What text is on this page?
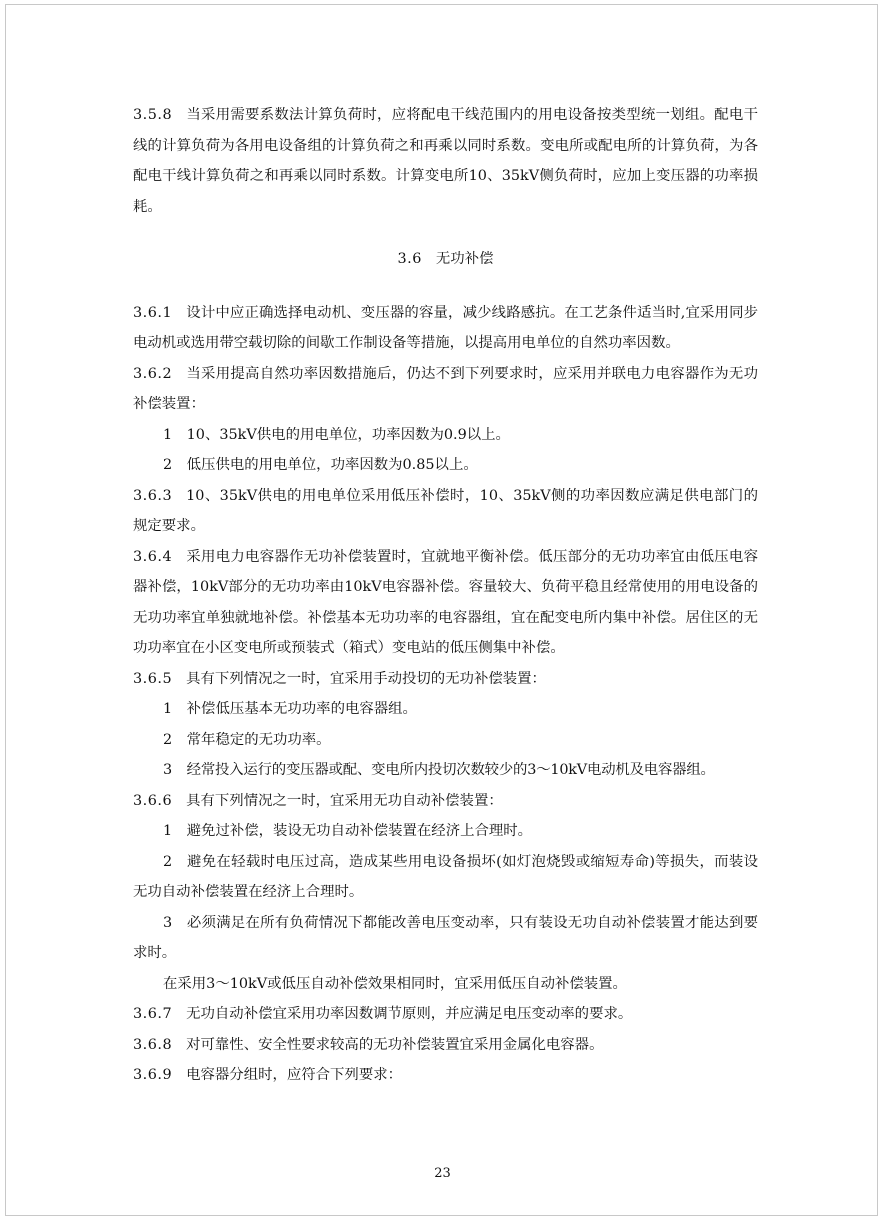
3.5.8 当采用需要系数法计算负荷时，应将配电干线范围内的用电设备按类型统一划组。配电干线的计算负荷为各用电设备组的计算负荷之和再乘以同时系数。变电所或配电所的计算负荷，为各配电干线计算负荷之和再乘以同时系数。计算变电所10、35kV侧负荷时，应加上变压器的功率损耗。

3.6 无功补偿

3.6.1 设计中应正确选择电动机、变压器的容量，减少线路感抗。在工艺条件适当时,宜采用同步电动机或选用带空载切除的间歇工作制设备等措施，以提高用电单位的自然功率因数。

3.6.2 当采用提高自然功率因数措施后，仍达不到下列要求时，应采用并联电力电容器作为无功补偿装置：

1 10、35kV供电的用电单位，功率因数为0.9以上。

2 低压供电的用电单位，功率因数为0.85以上。

3.6.3 10、35kV供电的用电单位采用低压补偿时，10、35kV侧的功率因数应满足供电部门的规定要求。

3.6.4 采用电力电容器作无功补偿装置时，宜就地平衡补偿。低压部分的无功功率宜由低压电容器补偿，10kV部分的无功功率由10kV电容器补偿。容量较大、负荷平稳且经常使用的用电设备的无功功率宜单独就地补偿。补偿基本无功功率的电容器组，宜在配变电所内集中补偿。居住区的无功功率宜在小区变电所或预装式（箱式）变电站的低压侧集中补偿。

3.6.5 具有下列情况之一时，宜采用手动投切的无功补偿装置：

1 补偿低压基本无功功率的电容器组。

2 常年稳定的无功功率。

3 经常投入运行的变压器或配、变电所内投切次数较少的3～10kV电动机及电容器组。

3.6.6 具有下列情况之一时，宜采用无功自动补偿装置：

1 避免过补偿，装设无功自动补偿装置在经济上合理时。

2 避免在轻载时电压过高，造成某些用电设备损坏(如灯泡烧毁或缩短寿命)等损失，而装设无功自动补偿装置在经济上合理时。

3 必须满足在所有负荷情况下都能改善电压变动率，只有装设无功自动补偿装置才能达到要求时。

在采用3～10kV或低压自动补偿效果相同时，宜采用低压自动补偿装置。

3.6.7 无功自动补偿宜采用功率因数调节原则，并应满足电压变动率的要求。

3.6.8 对可靠性、安全性要求较高的无功补偿装置宜采用金属化电容器。

3.6.9 电容器分组时，应符合下列要求：

23
